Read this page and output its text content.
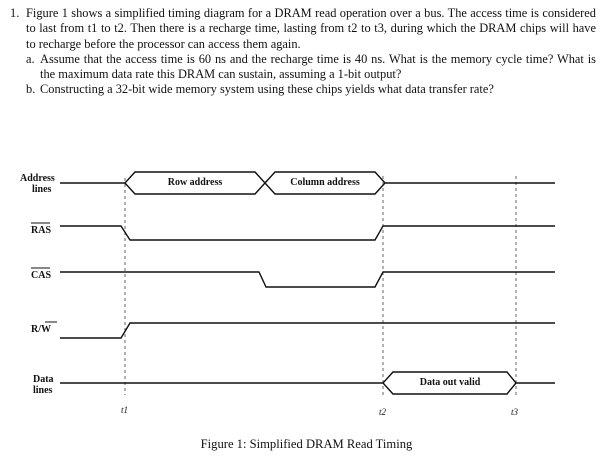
1. Figure 1 shows a simplified timing diagram for a DRAM read operation over a bus. The access time is considered to last from t1 to t2. Then there is a recharge time, lasting from t2 to t3, during which the DRAM chips will have to recharge before the processor can access them again.
a. Assume that the access time is 60 ns and the recharge time is 40 ns. What is the memory cycle time? What is the maximum data rate this DRAM can sustain, assuming a 1-bit output?
b. Constructing a 32-bit wide memory system using these chips yields what data transfer rate?
Address
lines
RAS
CAS
R/W
Data
lines
Row address	Column address
Data out valid
t1	t2	t3
Figure 1: Simplified DRAM Read Timing
